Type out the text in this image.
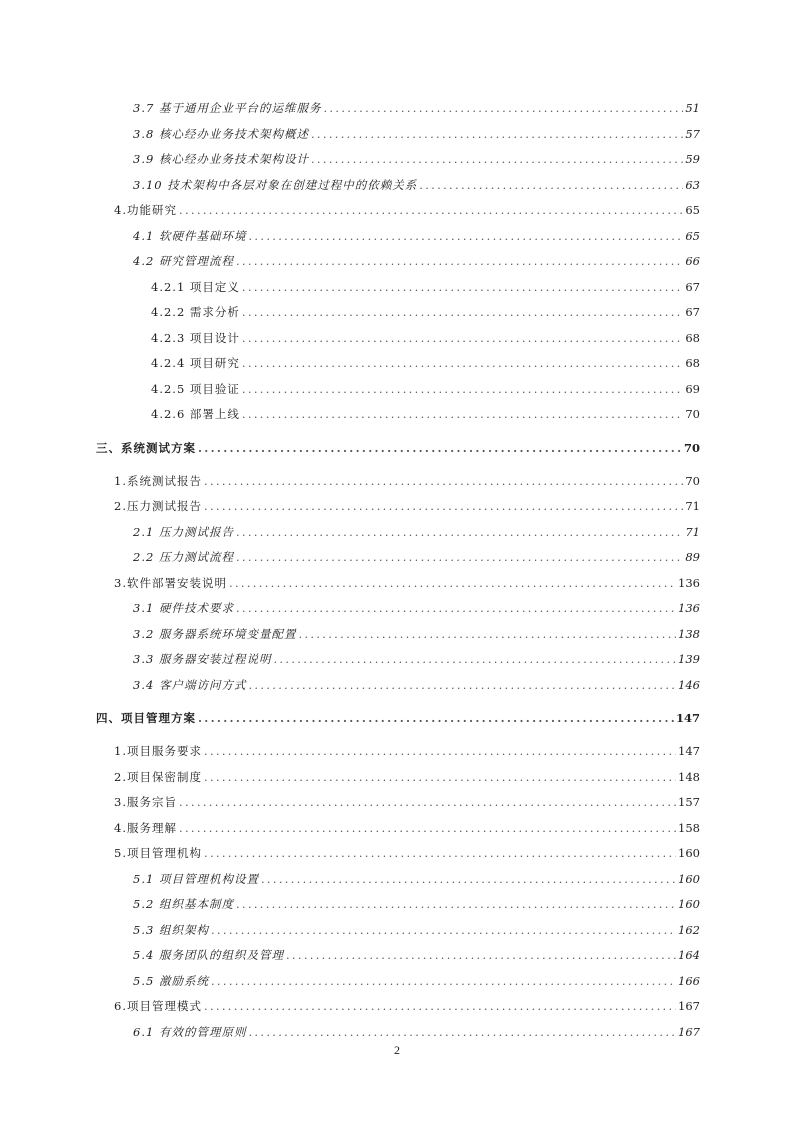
3.7 基于通用企业平台的运维服务 .....	51
3.8 核心经办业务技术架构概述 .....	57
3.9 核心经办业务技术架构设计 .....	59
3.10 技术架构中各层对象在创建过程中的依赖关系 .....	63
4.功能研究 .....	65
4.1 软硬件基础环境 .....	65
4.2 研究管理流程 .....	66
4.2.1 项目定义 .....	67
4.2.2 需求分析 .....	67
4.2.3 项目设计 .....	68
4.2.4 项目研究 .....	68
4.2.5 项目验证 .....	69
4.2.6 部署上线 .....	70
三、系统测试方案 .....	70
1.系统测试报告 .....	70
2.压力测试报告 .....	71
2.1 压力测试报告 .....	71
2.2 压力测试流程 .....	89
3.软件部署安装说明 .....	136
3.1 硬件技术要求 .....	136
3.2 服务器系统环境变量配置 .....	138
3.3 服务器安装过程说明 .....	139
3.4 客户端访问方式 .....	146
四、项目管理方案 .....	147
1.项目服务要求 .....	147
2.项目保密制度 .....	148
3.服务宗旨 .....	157
4.服务理解 .....	158
5.项目管理机构 .....	160
5.1 项目管理机构设置 .....	160
5.2 组织基本制度 .....	160
5.3 组织架构 .....	162
5.4 服务团队的组织及管理 .....	164
5.5 激励系统 .....	166
6.项目管理模式 .....	167
6.1 有效的管理原则 .....	167
2
